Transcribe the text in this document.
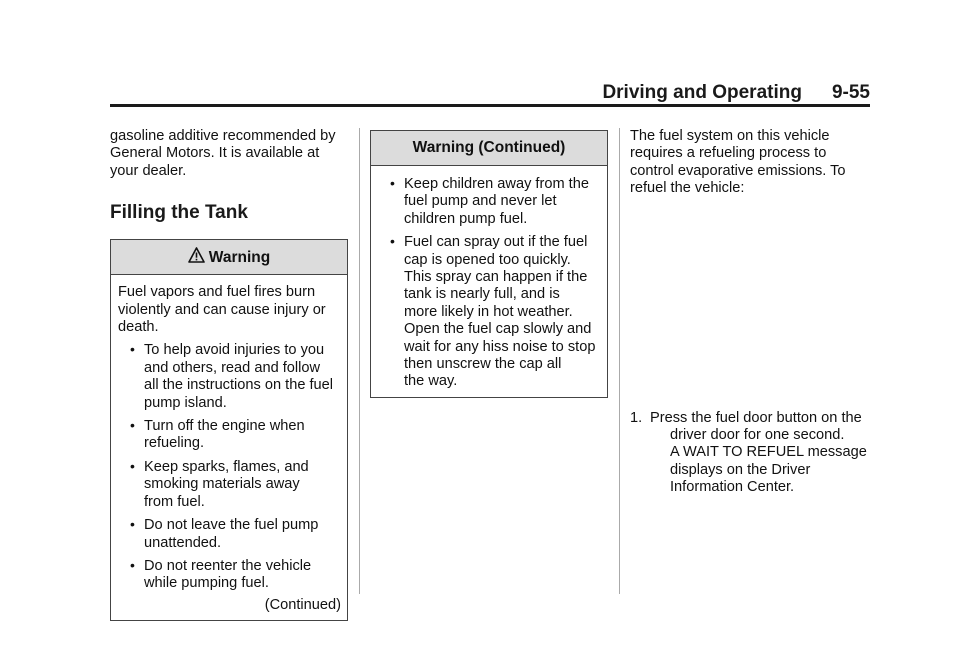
Driving and Operating 9-55

gasoline additive recommended by
General Motors. It is available at
your dealer.

Filling the Tank
Warning

Fuel vapors and fuel fires burn
violently and can cause injury or
death.

• To help avoid injuries to you
and others, read and follow
all the instructions on the fuel
pump island.
• Turn off the engine when
refueling.
• Keep sparks, flames, and
smoking materials away
from fuel.
• Do not leave the fuel pump
unattended.
• Do not reenter the vehicle
while pumping fuel.

(Continued)

Warning (Continued)
• Keep children away from the
fuel pump and never let
children pump fuel.
• Fuel can spray out if the fuel
cap is opened too quickly.
This spray can happen if the
tank is nearly full, and is
more likely in hot weather.
Open the fuel cap slowly and
wait for any hiss noise to stop
then unscrew the cap all
the way.

The fuel system on this vehicle
requires a refueling process to
control evaporative emissions. To
refuel the vehicle:

1. Press the fuel door button on the
driver door for one second.
A WAIT TO REFUEL message
displays on the Driver
Information Center.
